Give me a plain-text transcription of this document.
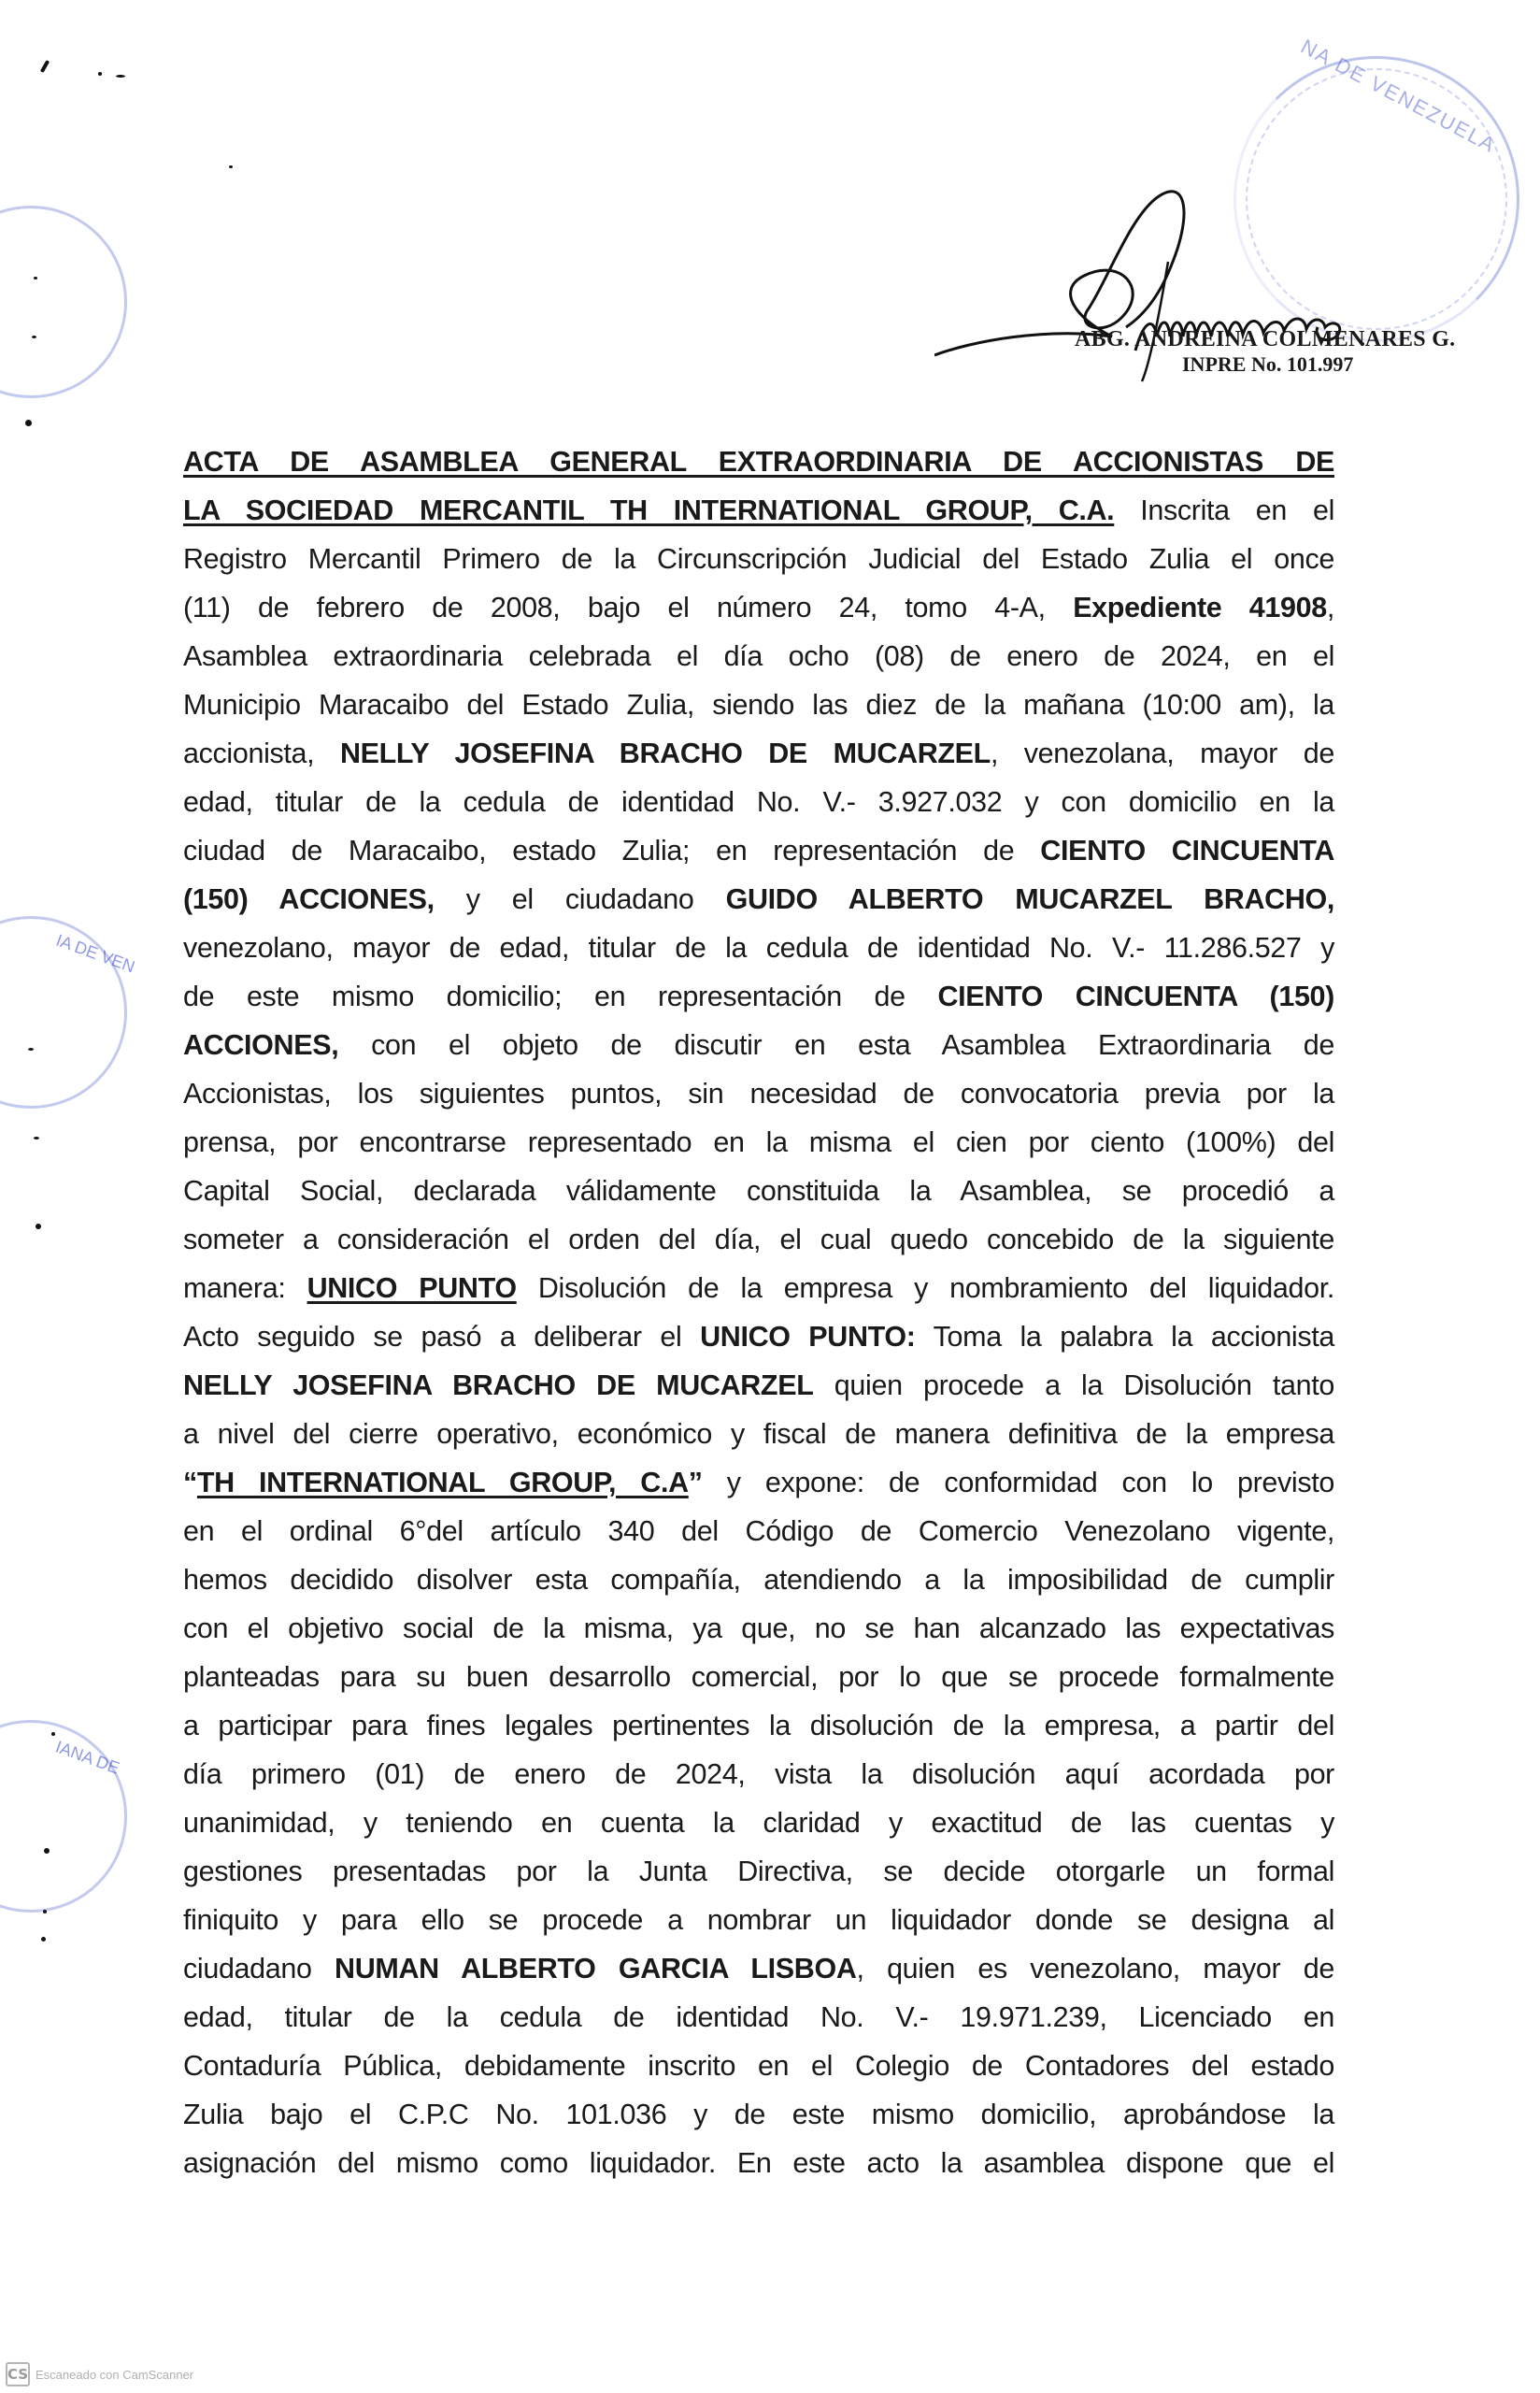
NA DE VENEZUELA
IA DE VEN
IANA DE
ABG. ANDREINA COLMENARES G.
INPRE No. 101.997
ACTA DE ASAMBLEA GENERAL EXTRAORDINARIA DE ACCIONISTAS DE
LA SOCIEDAD MERCANTIL TH INTERNATIONAL GROUP, C.A. Inscrita en el
Registro Mercantil Primero de la Circunscripción Judicial del Estado Zulia el once
(11) de febrero de 2008, bajo el número 24, tomo 4-A, Expediente 41908,
Asamblea extraordinaria celebrada el día ocho (08) de enero de 2024, en el
Municipio Maracaibo del Estado Zulia, siendo las diez de la mañana (10:00 am), la
accionista, NELLY JOSEFINA BRACHO DE MUCARZEL, venezolana, mayor de
edad, titular de la cedula de identidad No. V.- 3.927.032 y con domicilio en la
ciudad de Maracaibo, estado Zulia; en representación de CIENTO CINCUENTA
(150) ACCIONES, y el ciudadano GUIDO ALBERTO MUCARZEL BRACHO,
venezolano, mayor de edad, titular de la cedula de identidad No. V.- 11.286.527 y
de este mismo domicilio; en representación de CIENTO CINCUENTA (150)
ACCIONES, con el objeto de discutir en esta Asamblea Extraordinaria de
Accionistas, los siguientes puntos, sin necesidad de convocatoria previa por la
prensa, por encontrarse representado en la misma el cien por ciento (100%) del
Capital Social, declarada válidamente constituida la Asamblea, se procedió a
someter a consideración el orden del día, el cual quedo concebido de la siguiente
manera: UNICO PUNTO Disolución de la empresa y nombramiento del liquidador.
Acto seguido se pasó a deliberar el UNICO PUNTO: Toma la palabra la accionista
NELLY JOSEFINA BRACHO DE MUCARZEL quien procede a la Disolución tanto
a nivel del cierre operativo, económico y fiscal de manera definitiva de la empresa
“TH INTERNATIONAL GROUP, C.A” y expone: de conformidad con lo previsto
en el ordinal 6°del artículo 340 del Código de Comercio Venezolano vigente,
hemos decidido disolver esta compañía, atendiendo a la imposibilidad de cumplir
con el objetivo social de la misma, ya que, no se han alcanzado las expectativas
planteadas para su buen desarrollo comercial, por lo que se procede formalmente
a participar para fines legales pertinentes la disolución de la empresa, a partir del
día primero (01) de enero de 2024, vista la disolución aquí acordada por
unanimidad, y teniendo en cuenta la claridad y exactitud de las cuentas y
gestiones presentadas por la Junta Directiva, se decide otorgarle un formal
finiquito y para ello se procede a nombrar un liquidador donde se designa al
ciudadano NUMAN ALBERTO GARCIA LISBOA, quien es venezolano, mayor de
edad, titular de la cedula de identidad No. V.- 19.971.239, Licenciado en
Contaduría Pública, debidamente inscrito en el Colegio de Contadores del estado
Zulia bajo el C.P.C No. 101.036 y de este mismo domicilio, aprobándose la
asignación del mismo como liquidador. En este acto la asamblea dispone que el
CS Escaneado con CamScanner
